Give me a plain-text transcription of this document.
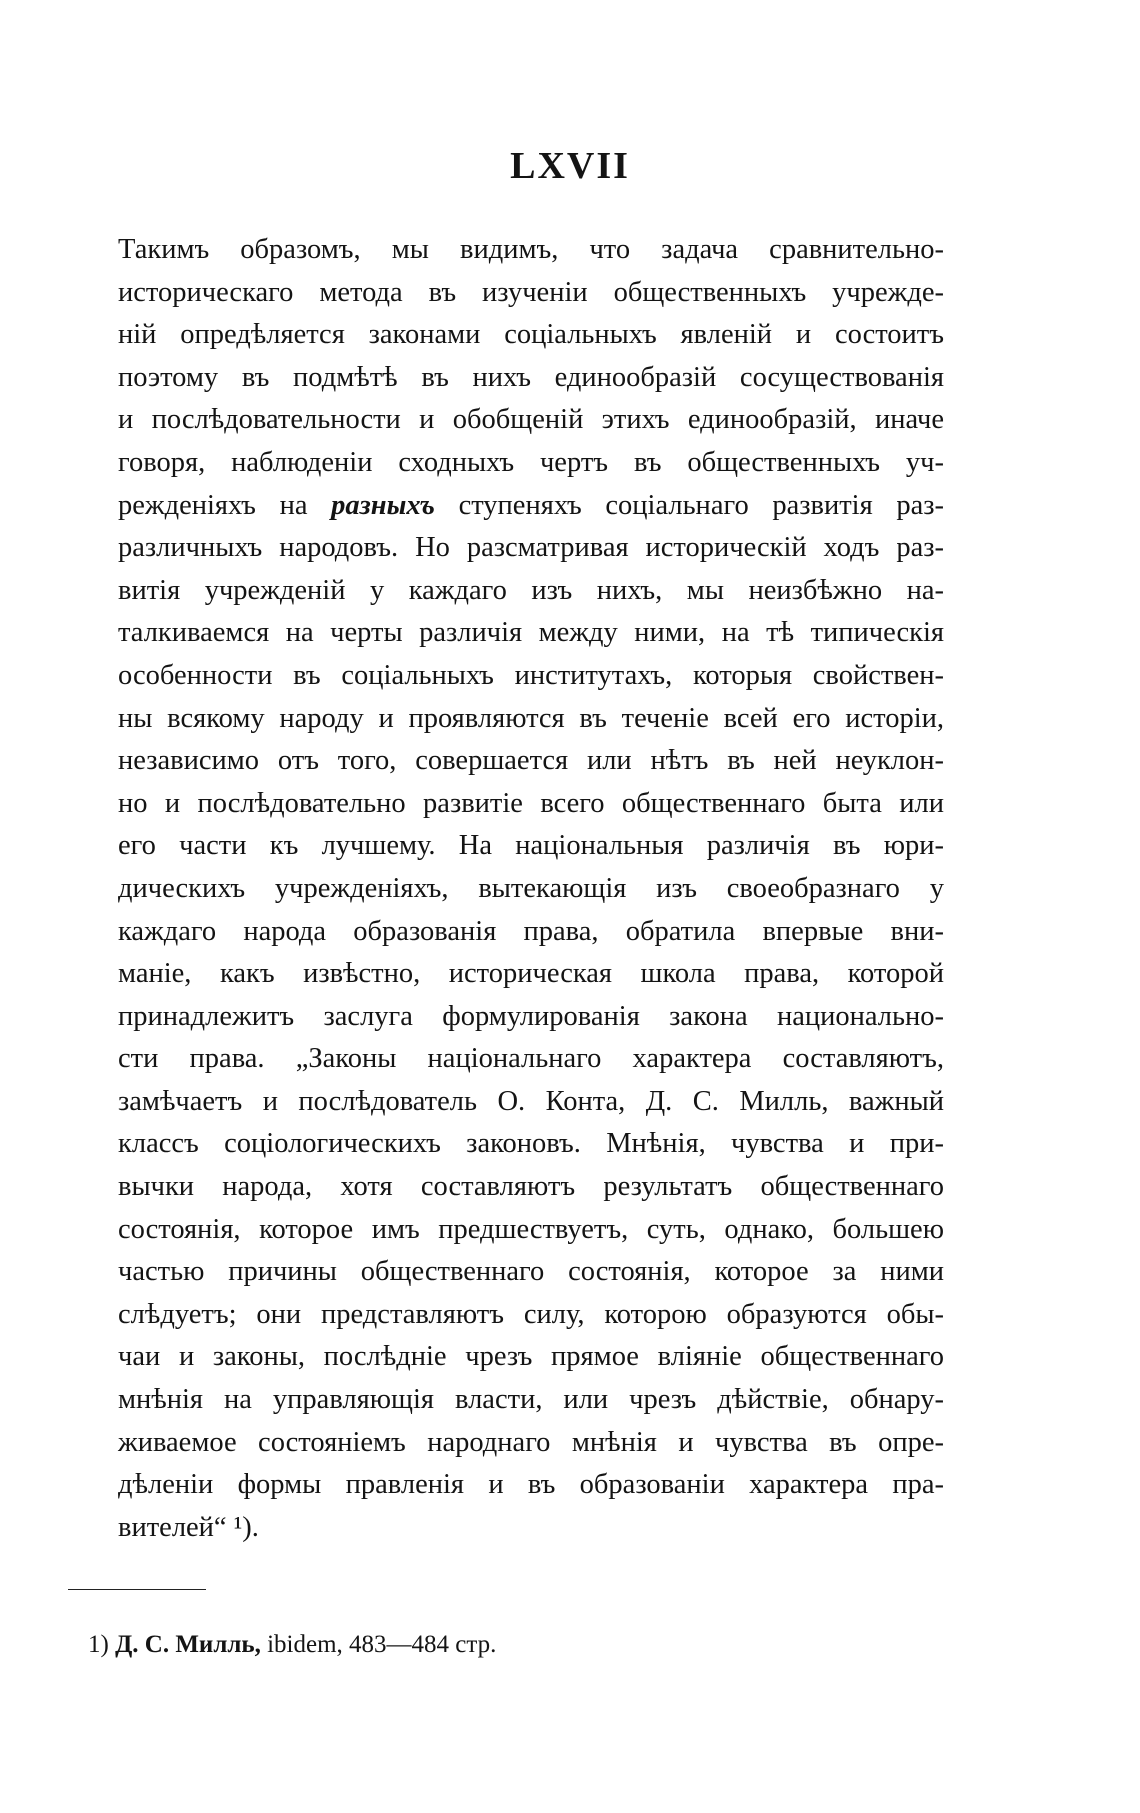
LXVII
Такимъ образомъ, мы видимъ, что задача сравнительно-
историческаго метода въ изученіи общественныхъ учрежде-
ній опредѣляется законами соціальныхъ явленій и состоитъ
поэтому въ подмѣтѣ въ нихъ единообразій сосуществованія
и послѣдовательности и обобщеній этихъ единообразій, иначе
говоря, наблюденіи сходныхъ чертъ въ общественныхъ уч-
реждeніяхъ на разныхъ ступеняхъ соціальнаго развитія раз-
различныхъ народовъ. Но разсматривая историческій ходъ раз-
витія учрежденій у каждаго изъ нихъ, мы неизбѣжно на-
талкиваемся на черты различія между ними, на тѣ типическія
особенности въ соціальныхъ институтахъ, которыя свойствен-
ны всякому народу и проявляются въ теченіе всей его исторіи,
независимо отъ того, совершается или нѣтъ въ ней неуклон-
но и послѣдовательно развитіе всего общественнаго быта или
его части къ лучшему. На національныя различія въ юри-
дическихъ учрежденіяхъ, вытекающія изъ своеобразнаго у
каждаго народа образованія права, обратила впервые вни-
маніе, какъ извѣстно, историческая школа права, которой
принадлежитъ заслуга формулированія закона национально-
сти права. „Законы національнаго характера составляютъ,
замѣчаетъ и послѣдователь О. Конта, Д. С. Милль, важный
классъ соціологическихъ законовъ. Мнѣнія, чувства и при-
вычки народа, хотя составляютъ результатъ общественнаго
состоянія, которое имъ предшествуетъ, суть, однако, большею
частью причины общественнаго состоянія, которое за ними
слѣдуетъ; они представляютъ силу, которою образуются обы-
чаи и законы, послѣдніе чрезъ прямое вліяніе общественнаго
мнѣнія на управляющія власти, или чрезъ дѣйствіе, обнару-
живаемое состояніемъ народнаго мнѣнія и чувства въ опре-
дѣленіи формы правленія и въ образованіи характера пра-
вителей“ ¹).
1) Д. С. Милль, ibidem, 483—484 стр.
